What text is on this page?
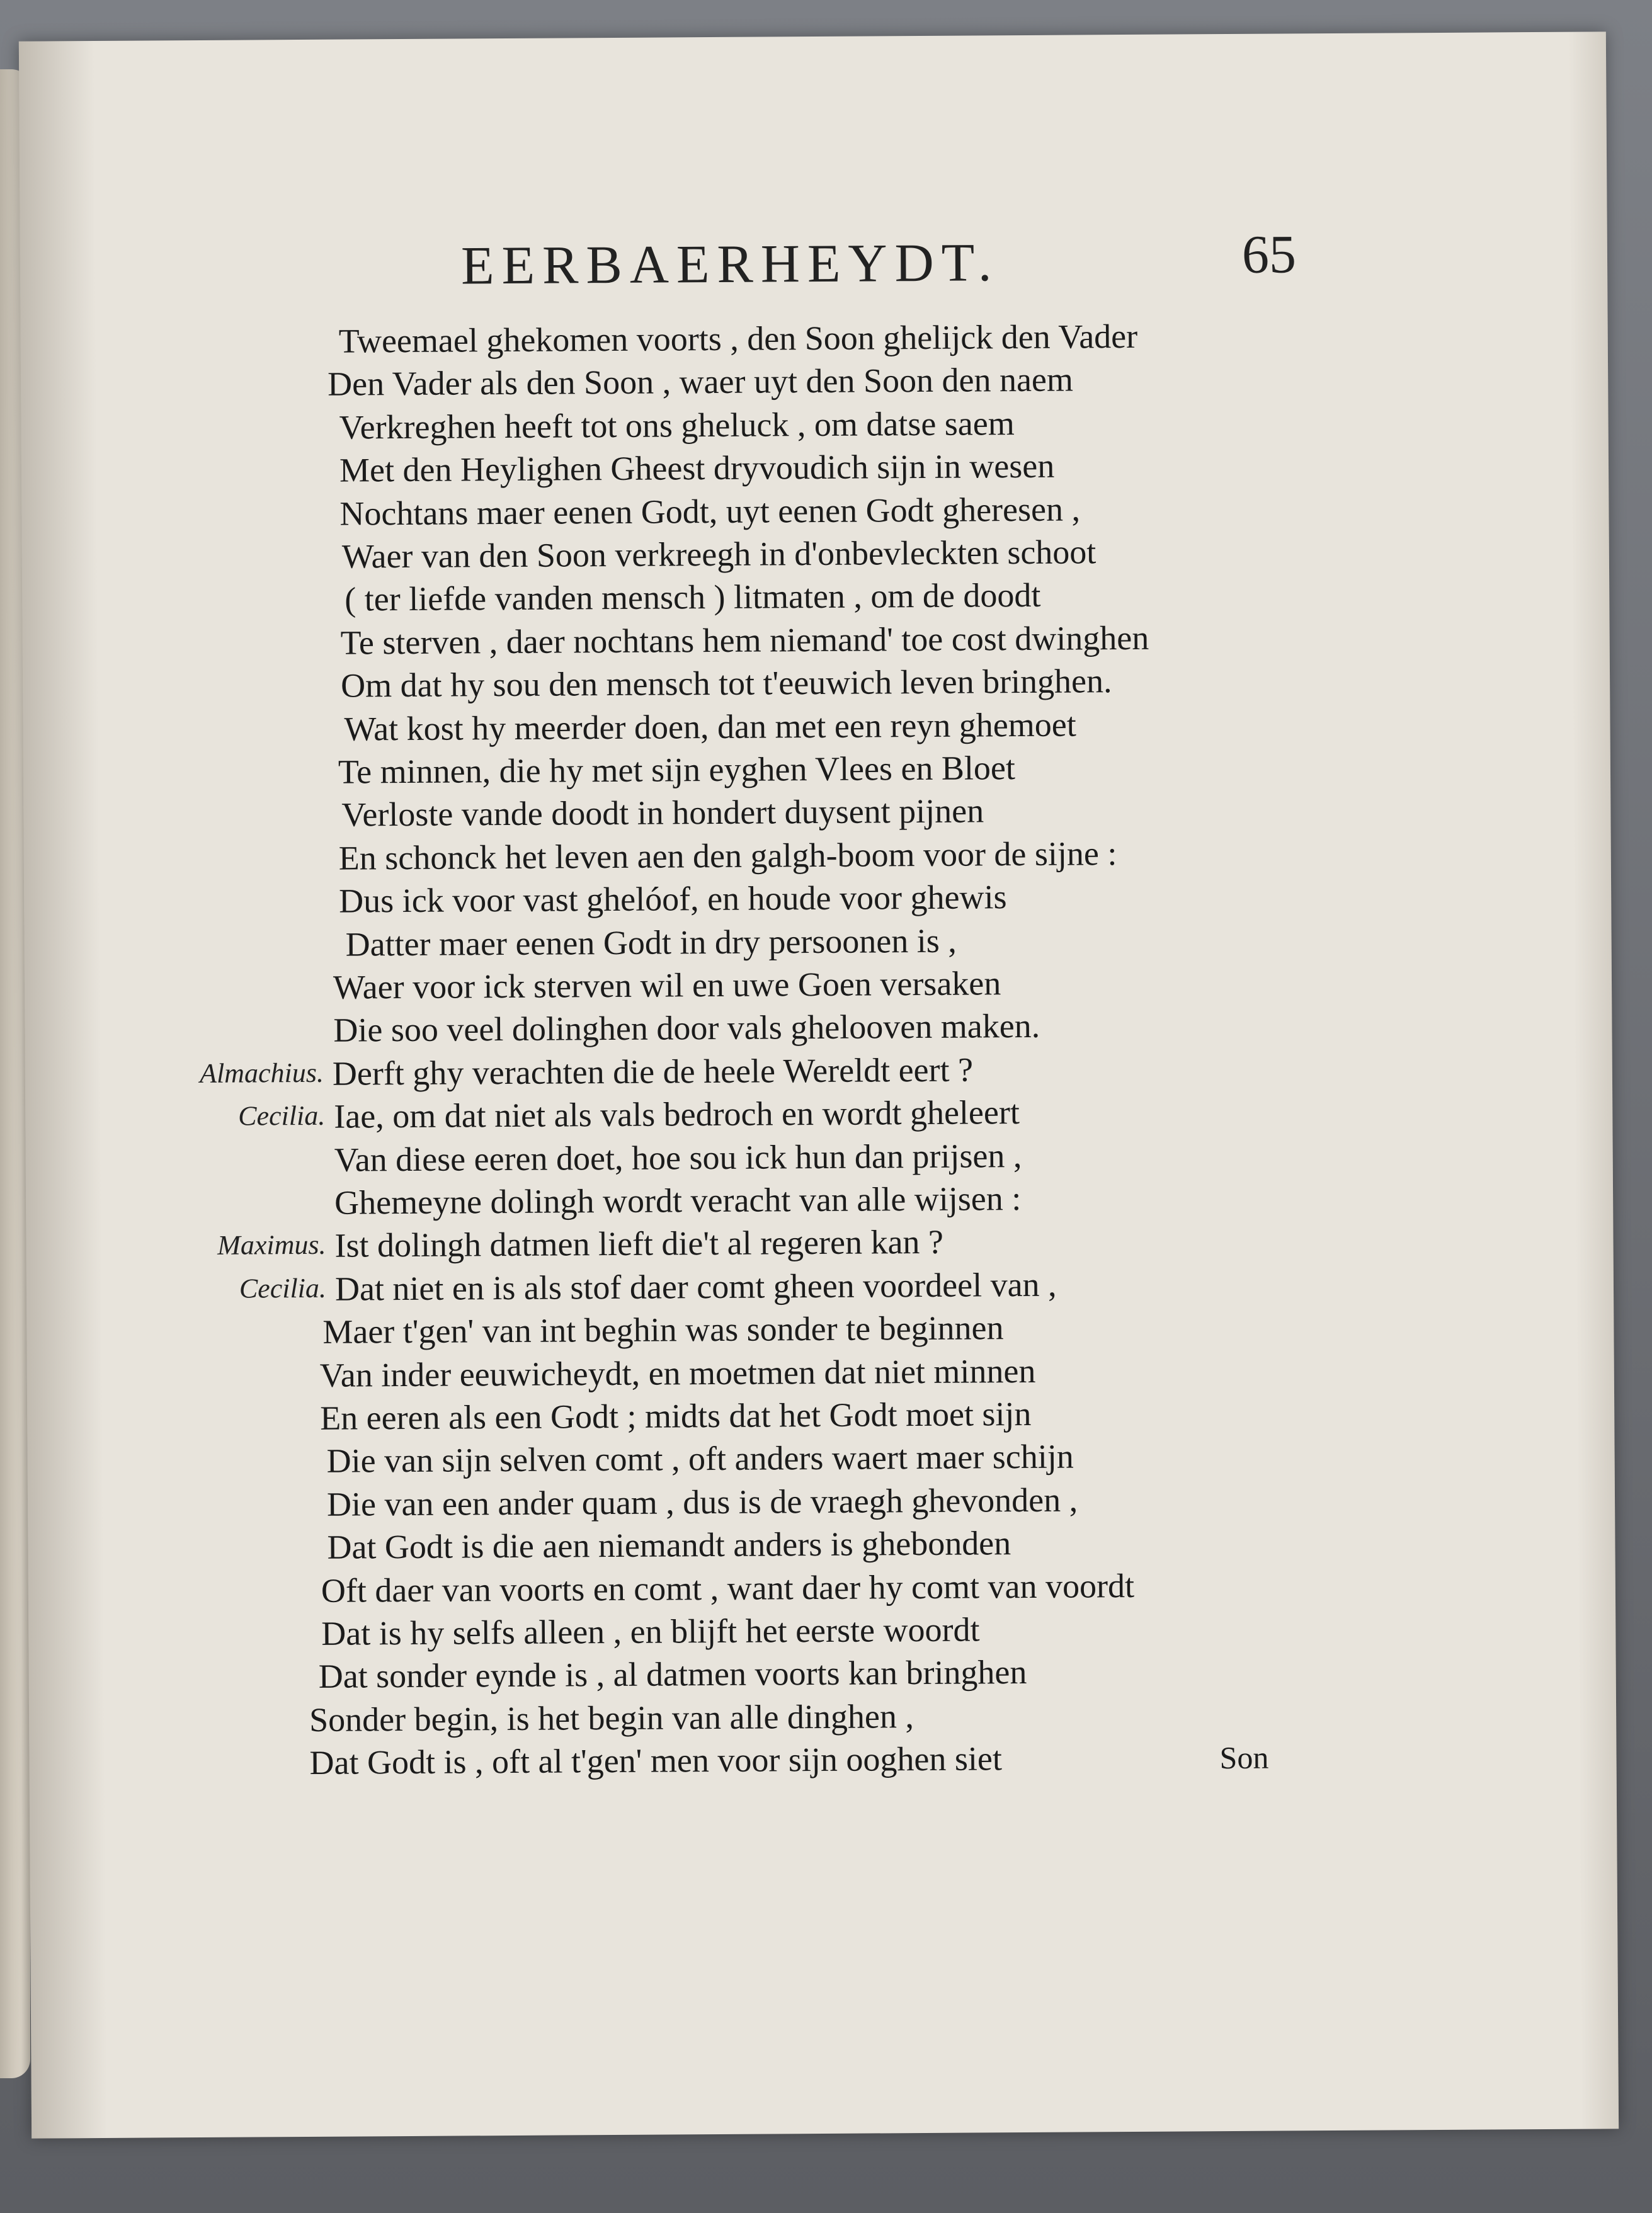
EERBAERHEYDT.	65
Tweemael ghekomen voorts , den Soon ghelijck den Vader
Den Vader als den Soon , waer uyt den Soon den naem
Verkreghen heeft tot ons gheluck , om datse saem
Met den Heylighen Gheest dryvoudich sijn in wesen
Nochtans maer eenen Godt, uyt eenen Godt gheresen ,
Waer van den Soon verkreegh in d'onbevleckten schoot
( ter liefde vanden mensch ) litmaten , om de doodt
Te sterven , daer nochtans hem niemand' toe cost dwinghen
Om dat hy sou den mensch tot t'eeuwich leven bringhen.
Wat kost hy meerder doen, dan met een reyn ghemoet
Te minnen, die hy met sijn eyghen Vlees en Bloet
Verloste vande doodt in hondert duysent pijnen
En schonck het leven aen den galgh-boom voor de sijne :
Dus ick voor vast ghelóof, en houde voor ghewis
Datter maer eenen Godt in dry persoonen is ,
Waer voor ick sterven wil en uwe Goen versaken
Die soo veel dolinghen door vals ghelooven maken.
Almachius. Derft ghy verachten die de heele Wereldt eert ?
Cecilia. Iae, om dat niet als vals bedroch en wordt gheleert
Van diese eeren doet, hoe sou ick hun dan prijsen ,
Ghemeyne dolingh wordt veracht van alle wijsen :
Maximus. Ist dolingh datmen lieft die't al regeren kan ?
Cecilia. Dat niet en is als stof daer comt gheen voordeel van ,
Maer t'gen' van int beghin was sonder te beginnen
Van inder eeuwicheydt, en moetmen dat niet minnen
En eeren als een Godt ; midts dat het Godt moet sijn
Die van sijn selven comt , oft anders waert maer schijn
Die van een ander quam , dus is de vraegh ghevonden ,
Dat Godt is die aen niemandt anders is ghebonden
Oft daer van voorts en comt , want daer hy comt van voordt
Dat is hy selfs alleen , en blijft het eerste woordt
Dat sonder eynde is , al datmen voorts kan bringhen
Sonder begin, is het begin van alle dinghen ,
Dat Godt is , oft al t'gen' men voor sijn ooghen siet	Son
